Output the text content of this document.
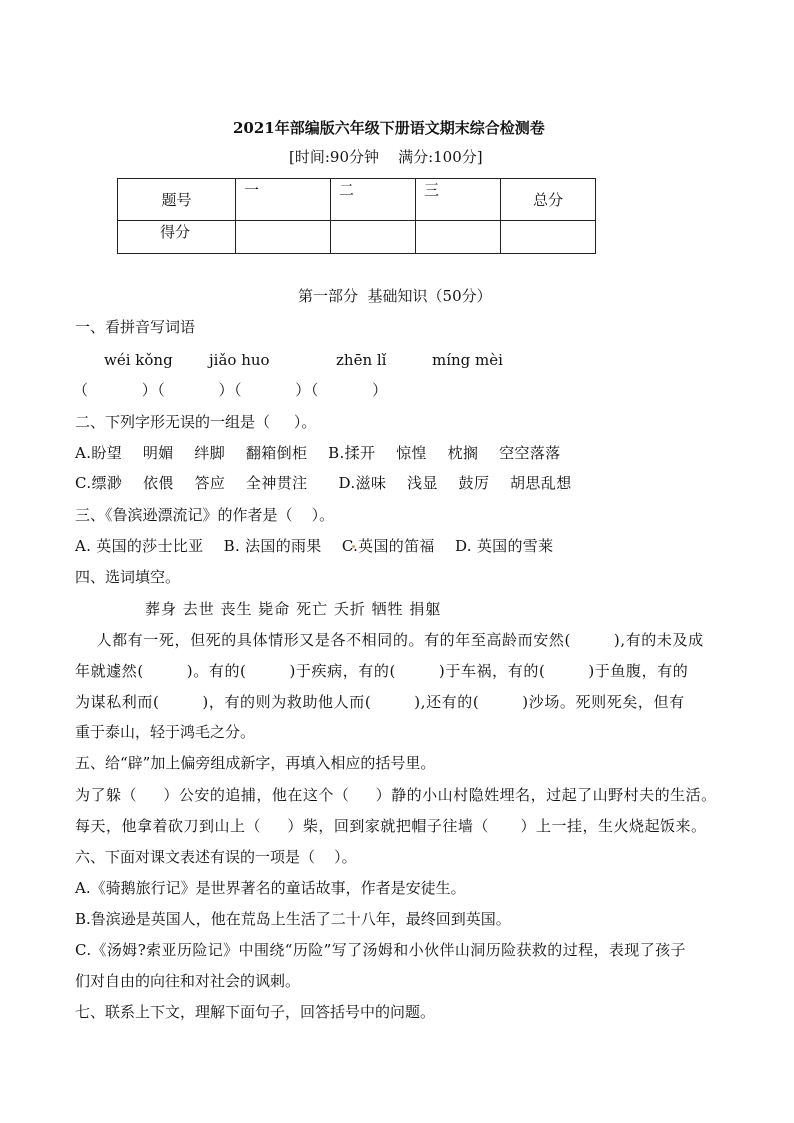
2021年部编版六年级下册语文期末综合检测卷
[时间:90分钟    满分:100分]
题号	一	二	三	总分
得分				
第一部分  基础知识（50分）
一、看拼音写词语
wéi kǒng jiǎo huo	zhēn lǐ	míng mèi
（          ）（          ）（          ）（          ）
二、下列字形无误的一组是（     ）。
A.盼望    明媚    绊脚    翻箱倒柜    B.揉开    惊惶    枕搁    空空落落
C.缥渺    依偎    答应    全神贯注      D.滋味    浅显    鼓厉    胡思乱想
三、《鲁滨逊漂流记》的作者是（    ）。
A. 英国的莎士比亚    B. 法国的雨果    C.英国的笛福    D. 英国的雪莱
四、选词填空。
葬身 去世 丧生 毙命 死亡 夭折 牺牲 捐躯
人都有一死，但死的具体情形又是各不相同的。有的年至高龄而安然(        ),有的未及成
年就遽然(        )。有的(        )于疾病，有的(        )于车祸，有的(        )于鱼腹，有的
为谋私利而(        )，有的则为救助他人而(        ),还有的(        )沙场。死则死矣，但有
重于泰山，轻于鸿毛之分。
五、给“辟”加上偏旁组成新字，再填入相应的括号里。
为了躲（     ）公安的追捕，他在这个（     ）静的小山村隐姓埋名，过起了山野村夫的生活。
每天，他拿着砍刀到山上（     ）柴，回到家就把帽子往墙（      ）上一挂，生火烧起饭来。
六、下面对课文表述有误的一项是（    ）。
A.《骑鹅旅行记》是世界著名的童话故事，作者是安徒生。
B.鲁滨逊是英国人，他在荒岛上生活了二十八年，最终回到英国。
C.《汤姆?索亚历险记》中围绕“历险”写了汤姆和小伙伴山洞历险获救的过程，表现了孩子
们对自由的向往和对社会的讽刺。
七、联系上下文，理解下面句子，回答括号中的问题。
